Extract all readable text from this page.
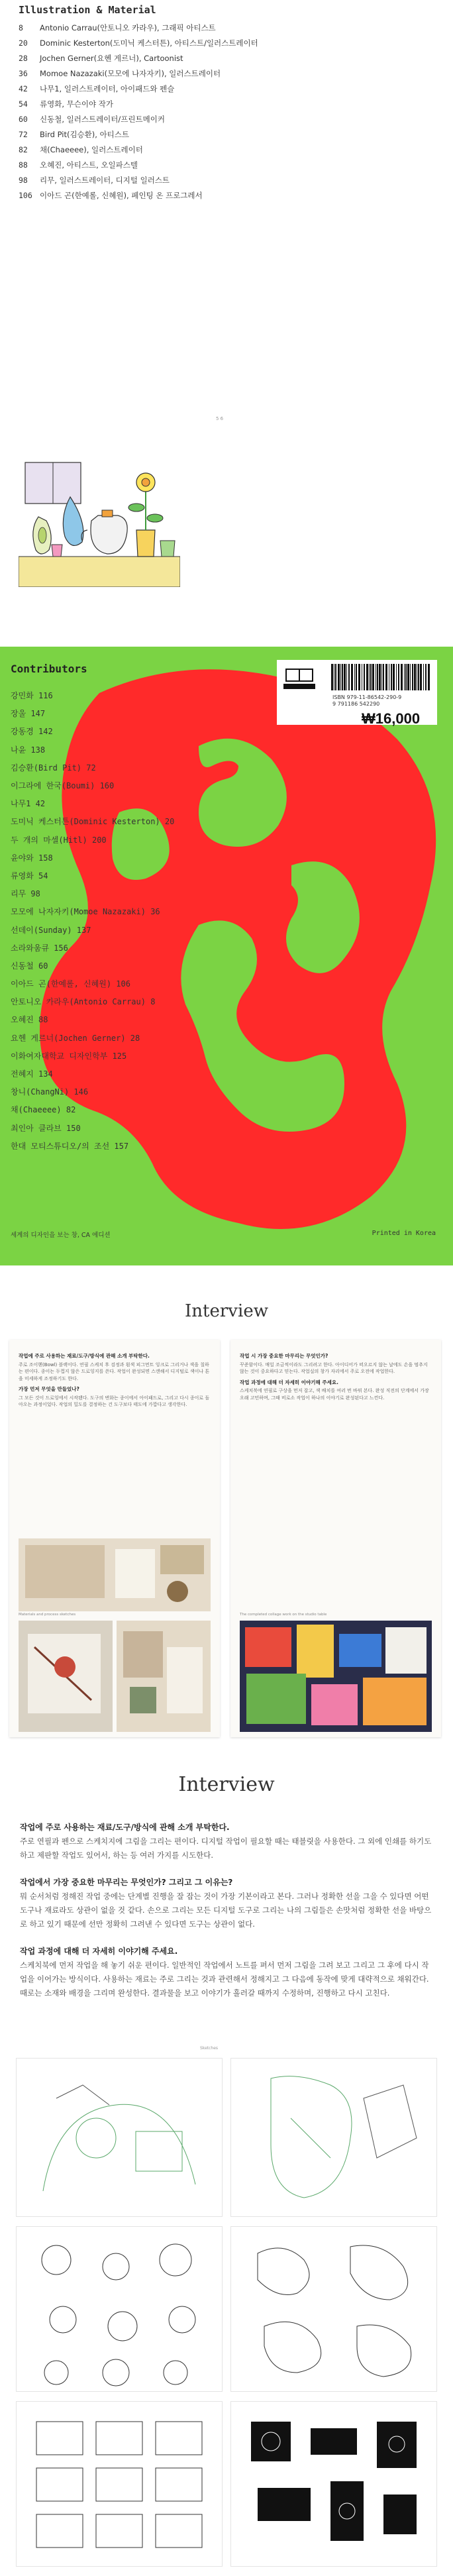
Illustration & Material
8	Antonio Carrau(안토니오 카라우), 그래픽 아티스트
20	Dominic Kesterton(도미닉 케스터튼), 아티스트/일러스트레이터
28	Jochen Gerner(요헨 게르너), Cartoonist
36	Momoe Nazazaki(모모에 나자자키), 일러스트레이터
42	나무1, 일러스트레이터, 아이패드와 펜슬
54	류영화, 무슨이야 작가
60	신동철, 일러스트레이터/프린트메이커
72	Bird Pit(김승환), 아티스트
82	채(Chaeeee), 일러스트레이터
88	오혜진, 아티스트, 오일파스텔
98	리무, 일러스트레이터, 디지털 일러스트
106 이아드 곤(한예롤, 신혜원), 페인팅 온 프로그레서
5 6
Contributors
강민화 116
장울 147
강동경 142
나윤 138
김승환(Bird Pit) 72
이그라에 한국(Boumi) 160
나무1 42
도미닉 케스터튼(Dominic Kesterton) 20
두 개의 마셀(Hitl) 200
윤야와 158
류영화 54
리무 98
모모에 나자자키(Momoe Nazazaki) 36
선데이(Sunday) 137
소라와움큐 156
신동철 60
이아드 곤(한예롤, 신혜원) 106
안토니오 카라우(Antonio Carrau) 8
오혜진 88
요헨 게르너(Jochen Gerner) 28
이화여자대학교 디자인학부 125
전혜지 134
창니(ChangNi) 146
채(Chaeeee) 82
최인아 클라브 150
한대 모티스튜디오/의 조선 157
ISBN 979-11-86542-290-9
9 791186 542290
₩16,000
세계의 디자인을 보는 창, CA 에디션	Printed in Korea
Interview
작업에 주로 사용하는 재료/도구/방식에 관해 소개 부탁한다.
주로 조이헨(Bowl) 블랙이다. 연필 스케치 후 검정과 흰색 피그먼트 잉크로 그리거나 색을 칠하는 편이다. 종이는 두껍지 않은 드로잉지를 쓴다. 작업이 완성되면 스캔해서 디지털로 색이나 톤을 미세하게 조정하기도 한다.
가장 먼저 무엇을 만들었나?
그 모든 것이 드로잉에서 시작됐다. 도구의 변화는 종이에서 아이패드로, 그리고 다시 종이로 돌아오는 과정이었다. 작업의 밀도를 결정하는 건 도구보다 태도에 가깝다고 생각한다.
Materials and process sketches
작업 시 가장 중요한 마무리는 무엇인가?
꾸준함이다. 매일 조금씩이라도 그리려고 한다. 아이디어가 떠오르지 않는 날에도 손을 멈추지 않는 것이 중요하다고 믿는다. 작업실의 창가 자리에서 주로 오전에 작업한다.
작업 과정에 대해 더 자세히 이야기해 주세요.
스케치북에 연필로 구상을 먼저 잡고, 색 배치를 여러 번 바꿔 본다. 완성 직전의 단계에서 가장 오래 고민하며, 그때 비로소 작업이 하나의 이야기로 완성된다고 느낀다.
The completed collage work on the studio table
Interview
작업에 주로 사용하는 재료/도구/방식에 관해 소개 부탁한다.
주로 연필과 펜으로 스케치지에 그림을 그리는 편이다. 디지털 작업이 필요할 때는 태블릿을 사용한다. 그 외에 인쇄를 하기도 하고 제판할 작업도 있어서, 하는 등 여러 가지를 시도한다.
작업에서 가장 중요한 마무리는 무엇인가? 그리고 그 이유는?
뭐 순서처럼 정해진 작업 중에는 단계별 진행을 잘 잡는 것이 가장 기본이라고 본다. 그러나 정확한 선을 그을 수 있다면 어떤 도구나 재료라도 상관이 없을 것 같다. 손으로 그리는 모든 디지털 도구로 그리는 나의 그림들은 손맛처럼 정확한 선을 바탕으로 하고 있기 때문에 선만 정확히 그려낸 수 있다면 도구는 상관이 없다.
작업 과정에 대해 더 자세히 이야기해 주세요.
스케치북에 먼저 작업을 해 놓기 쉬운 편이다. 일반적인 작업에서 노트를 펴서 먼저 그림을 그려 보고 그리고 그 후에 다시 작업을 이어가는 방식이다. 사용하는 재료는 주로 그리는 것과 관련해서 정해지고 그 다음에 동작에 맞게 대략적으로 채워간다. 때로는 소재와 배경을 그리며 완성한다. 결과물을 보고 이야기가 흘러갈 때까지 수정하며, 진행하고 다시 고친다.
Sketches
